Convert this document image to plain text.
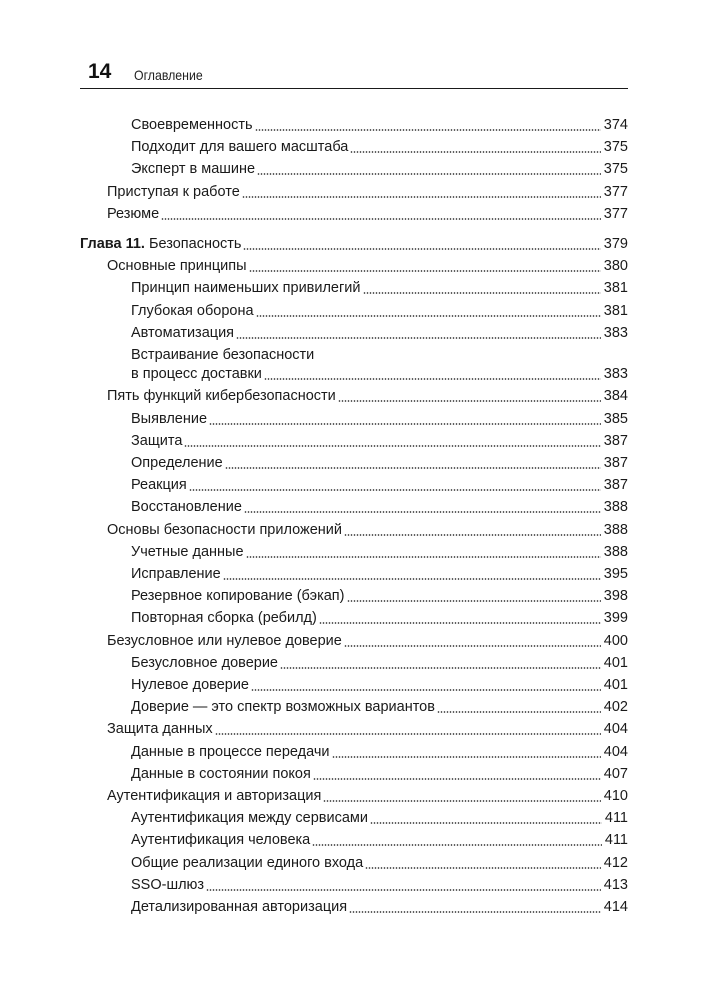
14 Оглавление
Своевременность	374
Подходит для вашего масштаба	375
Эксперт в машине	375
Приступая к работе	377
Резюме	377
Глава 11. Безопасность	379
Основные принципы	380
Принцип наименьших привилегий	381
Глубокая оборона	381
Автоматизация	383
Встраивание безопасности
в процесс доставки	383
Пять функций кибербезопасности	384
Выявление	385
Защита	387
Определение	387
Реакция	387
Восстановление	388
Основы безопасности приложений	388
Учетные данные	388
Исправление	395
Резервное копирование (бэкап)	398
Повторная сборка (ребилд)	399
Безусловное или нулевое доверие	400
Безусловное доверие	401
Нулевое доверие	401
Доверие — это спектр возможных вариантов	402
Защита данных	404
Данные в процессе передачи	404
Данные в состоянии покоя	407
Аутентификация и авторизация	410
Аутентификация между сервисами	411
Аутентификация человека	411
Общие реализации единого входа	412
SSO-шлюз	413
Детализированная авторизация	414
